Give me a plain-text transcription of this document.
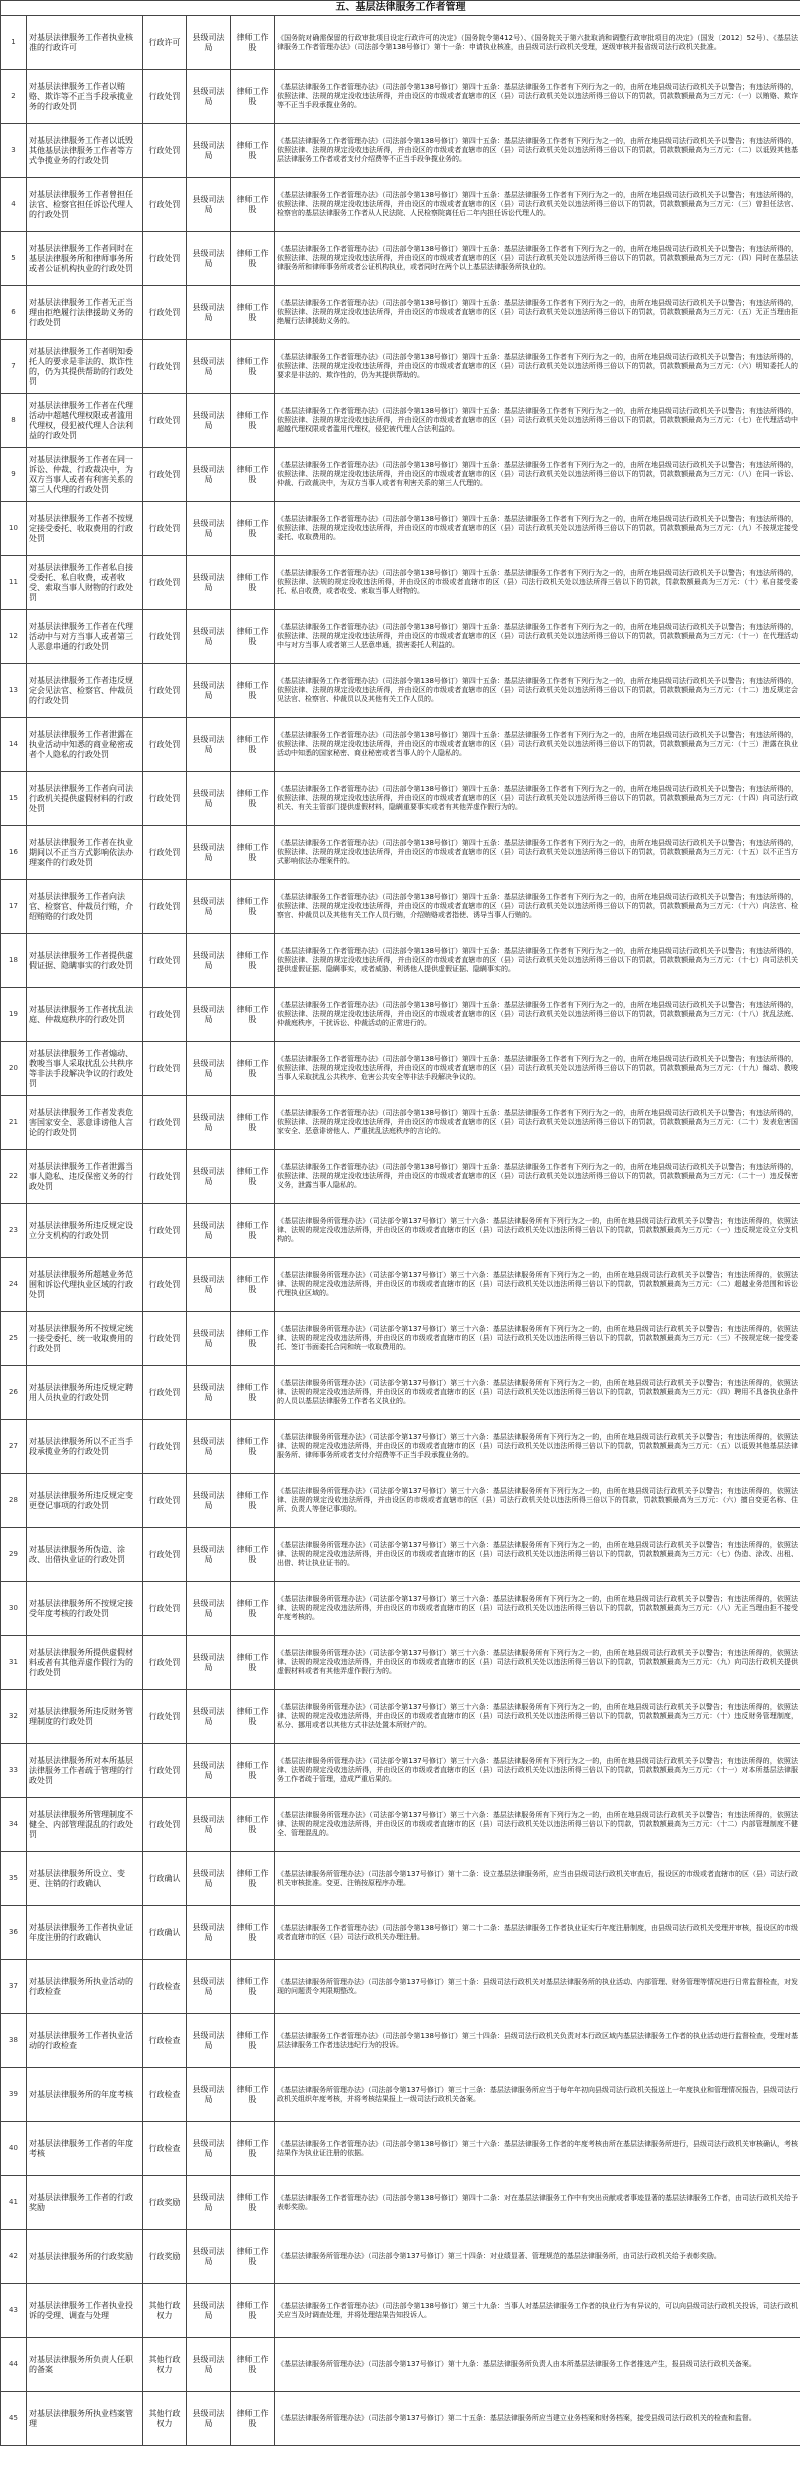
五、基层法律服务工作者管理					
1	对基层法律服务工作者执业核准的行政许可	行政许可	县级司法局	律师工作股	《国务院对确需保留的行政审批项目设定行政许可的决定》（国务院令第412号）、《国务院关于第六批取消和调整行政审批项目的决定》（国发〔2012〕52号）、《基层法律服务工作者管理办法》（司法部令第138号修订）第十一条：申请执业核准，由县级司法行政机关受理，逐级审核并报省级司法行政机关批准。
2	对基层法律服务工作者以贿赂、欺诈等不正当手段承揽业务的行政处罚	行政处罚	县级司法局	律师工作股	《基层法律服务工作者管理办法》（司法部令第138号修订）第四十五条：基层法律服务工作者有下列行为之一的，由所在地县级司法行政机关予以警告；有违法所得的，依照法律、法规的规定没收违法所得，并由设区的市级或者直辖市的区（县）司法行政机关处以违法所得三倍以下的罚款，罚款数额最高为三万元：（一）以贿赂、欺诈等不正当手段承揽业务的。
3	对基层法律服务工作者以诋毁其他基层法律服务工作者等方式争揽业务的行政处罚	行政处罚	县级司法局	律师工作股	《基层法律服务工作者管理办法》（司法部令第138号修订）第四十五条：基层法律服务工作者有下列行为之一的，由所在地县级司法行政机关予以警告；有违法所得的，依照法律、法规的规定没收违法所得，并由设区的市级或者直辖市的区（县）司法行政机关处以违法所得三倍以下的罚款，罚款数额最高为三万元：（二）以诋毁其他基层法律服务工作者或者支付介绍费等不正当手段争揽业务的。
4	对基层法律服务工作者曾担任法官、检察官担任诉讼代理人的行政处罚	行政处罚	县级司法局	律师工作股	《基层法律服务工作者管理办法》（司法部令第138号修订）第四十五条：基层法律服务工作者有下列行为之一的，由所在地县级司法行政机关予以警告；有违法所得的，依照法律、法规的规定没收违法所得，并由设区的市级或者直辖市的区（县）司法行政机关处以违法所得三倍以下的罚款，罚款数额最高为三万元：（三）曾担任法官、检察官的基层法律服务工作者从人民法院、人民检察院离任后二年内担任诉讼代理人的。
5	对基层法律服务工作者同时在基层法律服务所和律师事务所或者公证机构执业的行政处罚	行政处罚	县级司法局	律师工作股	《基层法律服务工作者管理办法》（司法部令第138号修订）第四十五条：基层法律服务工作者有下列行为之一的，由所在地县级司法行政机关予以警告；有违法所得的，依照法律、法规的规定没收违法所得，并由设区的市级或者直辖市的区（县）司法行政机关处以违法所得三倍以下的罚款，罚款数额最高为三万元：（四）同时在基层法律服务所和律师事务所或者公证机构执业，或者同时在两个以上基层法律服务所执业的。
6	对基层法律服务工作者无正当理由拒绝履行法律援助义务的行政处罚	行政处罚	县级司法局	律师工作股	《基层法律服务工作者管理办法》（司法部令第138号修订）第四十五条：基层法律服务工作者有下列行为之一的，由所在地县级司法行政机关予以警告；有违法所得的，依照法律、法规的规定没收违法所得，并由设区的市级或者直辖市的区（县）司法行政机关处以违法所得三倍以下的罚款，罚款数额最高为三万元：（五）无正当理由拒绝履行法律援助义务的。
7	对基层法律服务工作者明知委托人的要求是非法的、欺诈性的，仍为其提供帮助的行政处罚	行政处罚	县级司法局	律师工作股	《基层法律服务工作者管理办法》（司法部令第138号修订）第四十五条：基层法律服务工作者有下列行为之一的，由所在地县级司法行政机关予以警告；有违法所得的，依照法律、法规的规定没收违法所得，并由设区的市级或者直辖市的区（县）司法行政机关处以违法所得三倍以下的罚款，罚款数额最高为三万元：（六）明知委托人的要求是非法的、欺诈性的，仍为其提供帮助的。
8	对基层法律服务工作者在代理活动中超越代理权限或者滥用代理权，侵犯被代理人合法利益的行政处罚	行政处罚	县级司法局	律师工作股	《基层法律服务工作者管理办法》（司法部令第138号修订）第四十五条：基层法律服务工作者有下列行为之一的，由所在地县级司法行政机关予以警告；有违法所得的，依照法律、法规的规定没收违法所得，并由设区的市级或者直辖市的区（县）司法行政机关处以违法所得三倍以下的罚款，罚款数额最高为三万元：（七）在代理活动中超越代理权限或者滥用代理权，侵犯被代理人合法利益的。
9	对基层法律服务工作者在同一诉讼、仲裁、行政裁决中，为双方当事人或者有利害关系的第三人代理的行政处罚	行政处罚	县级司法局	律师工作股	《基层法律服务工作者管理办法》（司法部令第138号修订）第四十五条：基层法律服务工作者有下列行为之一的，由所在地县级司法行政机关予以警告；有违法所得的，依照法律、法规的规定没收违法所得，并由设区的市级或者直辖市的区（县）司法行政机关处以违法所得三倍以下的罚款，罚款数额最高为三万元：（八）在同一诉讼、仲裁、行政裁决中，为双方当事人或者有利害关系的第三人代理的。
10	对基层法律服务工作者不按规定接受委托、收取费用的行政处罚	行政处罚	县级司法局	律师工作股	《基层法律服务工作者管理办法》（司法部令第138号修订）第四十五条：基层法律服务工作者有下列行为之一的，由所在地县级司法行政机关予以警告；有违法所得的，依照法律、法规的规定没收违法所得，并由设区的市级或者直辖市的区（县）司法行政机关处以违法所得三倍以下的罚款，罚款数额最高为三万元：（九）不按规定接受委托、收取费用的。
11	对基层法律服务工作者私自接受委托、私自收费，或者收受、索取当事人财物的行政处罚	行政处罚	县级司法局	律师工作股	《基层法律服务工作者管理办法》（司法部令第138号修订）第四十五条：基层法律服务工作者有下列行为之一的，由所在地县级司法行政机关予以警告；有违法所得的，依照法律、法规的规定没收违法所得，并由设区的市级或者直辖市的区（县）司法行政机关处以违法所得三倍以下的罚款，罚款数额最高为三万元：（十）私自接受委托、私自收费，或者收受、索取当事人财物的。
12	对基层法律服务工作者在代理活动中与对方当事人或者第三人恶意串通的行政处罚	行政处罚	县级司法局	律师工作股	《基层法律服务工作者管理办法》（司法部令第138号修订）第四十五条：基层法律服务工作者有下列行为之一的，由所在地县级司法行政机关予以警告；有违法所得的，依照法律、法规的规定没收违法所得，并由设区的市级或者直辖市的区（县）司法行政机关处以违法所得三倍以下的罚款，罚款数额最高为三万元：（十一）在代理活动中与对方当事人或者第三人恶意串通，损害委托人利益的。
13	对基层法律服务工作者违反规定会见法官、检察官、仲裁员的行政处罚	行政处罚	县级司法局	律师工作股	《基层法律服务工作者管理办法》（司法部令第138号修订）第四十五条：基层法律服务工作者有下列行为之一的，由所在地县级司法行政机关予以警告；有违法所得的，依照法律、法规的规定没收违法所得，并由设区的市级或者直辖市的区（县）司法行政机关处以违法所得三倍以下的罚款，罚款数额最高为三万元：（十二）违反规定会见法官、检察官、仲裁员以及其他有关工作人员的。
14	对基层法律服务工作者泄露在执业活动中知悉的商业秘密或者个人隐私的行政处罚	行政处罚	县级司法局	律师工作股	《基层法律服务工作者管理办法》（司法部令第138号修订）第四十五条：基层法律服务工作者有下列行为之一的，由所在地县级司法行政机关予以警告；有违法所得的，依照法律、法规的规定没收违法所得，并由设区的市级或者直辖市的区（县）司法行政机关处以违法所得三倍以下的罚款，罚款数额最高为三万元：（十三）泄露在执业活动中知悉的国家秘密、商业秘密或者当事人的个人隐私的。
15	对基层法律服务工作者向司法行政机关提供虚假材料的行政处罚	行政处罚	县级司法局	律师工作股	《基层法律服务工作者管理办法》（司法部令第138号修订）第四十五条：基层法律服务工作者有下列行为之一的，由所在地县级司法行政机关予以警告；有违法所得的，依照法律、法规的规定没收违法所得，并由设区的市级或者直辖市的区（县）司法行政机关处以违法所得三倍以下的罚款，罚款数额最高为三万元：（十四）向司法行政机关、有关主管部门提供虚假材料，隐瞒重要事实或者有其他弄虚作假行为的。
16	对基层法律服务工作者在执业期间以不正当方式影响依法办理案件的行政处罚	行政处罚	县级司法局	律师工作股	《基层法律服务工作者管理办法》（司法部令第138号修订）第四十五条：基层法律服务工作者有下列行为之一的，由所在地县级司法行政机关予以警告；有违法所得的，依照法律、法规的规定没收违法所得，并由设区的市级或者直辖市的区（县）司法行政机关处以违法所得三倍以下的罚款，罚款数额最高为三万元：（十五）以不正当方式影响依法办理案件的。
17	对基层法律服务工作者向法官、检察官、仲裁员行贿，介绍贿赂的行政处罚	行政处罚	县级司法局	律师工作股	《基层法律服务工作者管理办法》（司法部令第138号修订）第四十五条：基层法律服务工作者有下列行为之一的，由所在地县级司法行政机关予以警告；有违法所得的，依照法律、法规的规定没收违法所得，并由设区的市级或者直辖市的区（县）司法行政机关处以违法所得三倍以下的罚款，罚款数额最高为三万元：（十六）向法官、检察官、仲裁员以及其他有关工作人员行贿，介绍贿赂或者指使、诱导当事人行贿的。
18	对基层法律服务工作者提供虚假证据、隐瞒事实的行政处罚	行政处罚	县级司法局	律师工作股	《基层法律服务工作者管理办法》（司法部令第138号修订）第四十五条：基层法律服务工作者有下列行为之一的，由所在地县级司法行政机关予以警告；有违法所得的，依照法律、法规的规定没收违法所得，并由设区的市级或者直辖市的区（县）司法行政机关处以违法所得三倍以下的罚款，罚款数额最高为三万元：（十七）向司法机关提供虚假证据、隐瞒事实，或者威胁、利诱他人提供虚假证据、隐瞒事实的。
19	对基层法律服务工作者扰乱法庭、仲裁庭秩序的行政处罚	行政处罚	县级司法局	律师工作股	《基层法律服务工作者管理办法》（司法部令第138号修订）第四十五条：基层法律服务工作者有下列行为之一的，由所在地县级司法行政机关予以警告；有违法所得的，依照法律、法规的规定没收违法所得，并由设区的市级或者直辖市的区（县）司法行政机关处以违法所得三倍以下的罚款，罚款数额最高为三万元：（十八）扰乱法庭、仲裁庭秩序，干扰诉讼、仲裁活动的正常进行的。
20	对基层法律服务工作者煽动、教唆当事人采取扰乱公共秩序等非法手段解决争议的行政处罚	行政处罚	县级司法局	律师工作股	《基层法律服务工作者管理办法》（司法部令第138号修订）第四十五条：基层法律服务工作者有下列行为之一的，由所在地县级司法行政机关予以警告；有违法所得的，依照法律、法规的规定没收违法所得，并由设区的市级或者直辖市的区（县）司法行政机关处以违法所得三倍以下的罚款，罚款数额最高为三万元：（十九）煽动、教唆当事人采取扰乱公共秩序、危害公共安全等非法手段解决争议的。
21	对基层法律服务工作者发表危害国家安全、恶意诽谤他人言论的行政处罚	行政处罚	县级司法局	律师工作股	《基层法律服务工作者管理办法》（司法部令第138号修订）第四十五条：基层法律服务工作者有下列行为之一的，由所在地县级司法行政机关予以警告；有违法所得的，依照法律、法规的规定没收违法所得，并由设区的市级或者直辖市的区（县）司法行政机关处以违法所得三倍以下的罚款，罚款数额最高为三万元：（二十）发表危害国家安全、恶意诽谤他人、严重扰乱法庭秩序的言论的。
22	对基层法律服务工作者泄露当事人隐私、违反保密义务的行政处罚	行政处罚	县级司法局	律师工作股	《基层法律服务工作者管理办法》（司法部令第138号修订）第四十五条：基层法律服务工作者有下列行为之一的，由所在地县级司法行政机关予以警告；有违法所得的，依照法律、法规的规定没收违法所得，并由设区的市级或者直辖市的区（县）司法行政机关处以违法所得三倍以下的罚款，罚款数额最高为三万元：（二十一）违反保密义务，泄露当事人隐私的。
23	对基层法律服务所违反规定设立分支机构的行政处罚	行政处罚	县级司法局	律师工作股	《基层法律服务所管理办法》（司法部令第137号修订）第三十六条：基层法律服务所有下列行为之一的，由所在地县级司法行政机关予以警告；有违法所得的，依照法律、法规的规定没收违法所得，并由设区的市级或者直辖市的区（县）司法行政机关处以违法所得三倍以下的罚款，罚款数额最高为三万元：（一）违反规定设立分支机构的。
24	对基层法律服务所超越业务范围和诉讼代理执业区域的行政处罚	行政处罚	县级司法局	律师工作股	《基层法律服务所管理办法》（司法部令第137号修订）第三十六条：基层法律服务所有下列行为之一的，由所在地县级司法行政机关予以警告；有违法所得的，依照法律、法规的规定没收违法所得，并由设区的市级或者直辖市的区（县）司法行政机关处以违法所得三倍以下的罚款，罚款数额最高为三万元：（二）超越业务范围和诉讼代理执业区域的。
25	对基层法律服务所不按规定统一接受委托、统一收取费用的行政处罚	行政处罚	县级司法局	律师工作股	《基层法律服务所管理办法》（司法部令第137号修订）第三十六条：基层法律服务所有下列行为之一的，由所在地县级司法行政机关予以警告；有违法所得的，依照法律、法规的规定没收违法所得，并由设区的市级或者直辖市的区（县）司法行政机关处以违法所得三倍以下的罚款，罚款数额最高为三万元：（三）不按规定统一接受委托、签订书面委托合同和统一收取费用的。
26	对基层法律服务所违反规定聘用人员执业的行政处罚	行政处罚	县级司法局	律师工作股	《基层法律服务所管理办法》（司法部令第137号修订）第三十六条：基层法律服务所有下列行为之一的，由所在地县级司法行政机关予以警告；有违法所得的，依照法律、法规的规定没收违法所得，并由设区的市级或者直辖市的区（县）司法行政机关处以违法所得三倍以下的罚款，罚款数额最高为三万元：（四）聘用不具备执业条件的人员以基层法律服务工作者名义执业的。
27	对基层法律服务所以不正当手段承揽业务的行政处罚	行政处罚	县级司法局	律师工作股	《基层法律服务所管理办法》（司法部令第137号修订）第三十六条：基层法律服务所有下列行为之一的，由所在地县级司法行政机关予以警告；有违法所得的，依照法律、法规的规定没收违法所得，并由设区的市级或者直辖市的区（县）司法行政机关处以违法所得三倍以下的罚款，罚款数额最高为三万元：（五）以诋毁其他基层法律服务所、律师事务所或者支付介绍费等不正当手段承揽业务的。
28	对基层法律服务所违反规定变更登记事项的行政处罚	行政处罚	县级司法局	律师工作股	《基层法律服务所管理办法》（司法部令第137号修订）第三十六条：基层法律服务所有下列行为之一的，由所在地县级司法行政机关予以警告；有违法所得的，依照法律、法规的规定没收违法所得，并由设区的市级或者直辖市的区（县）司法行政机关处以违法所得三倍以下的罚款，罚款数额最高为三万元：（六）擅自变更名称、住所、负责人等登记事项的。
29	对基层法律服务所伪造、涂改、出借执业证的行政处罚	行政处罚	县级司法局	律师工作股	《基层法律服务所管理办法》（司法部令第137号修订）第三十六条：基层法律服务所有下列行为之一的，由所在地县级司法行政机关予以警告；有违法所得的，依照法律、法规的规定没收违法所得，并由设区的市级或者直辖市的区（县）司法行政机关处以违法所得三倍以下的罚款，罚款数额最高为三万元：（七）伪造、涂改、出租、出借、转让执业证书的。
30	对基层法律服务所不按规定接受年度考核的行政处罚	行政处罚	县级司法局	律师工作股	《基层法律服务所管理办法》（司法部令第137号修订）第三十六条：基层法律服务所有下列行为之一的，由所在地县级司法行政机关予以警告；有违法所得的，依照法律、法规的规定没收违法所得，并由设区的市级或者直辖市的区（县）司法行政机关处以违法所得三倍以下的罚款，罚款数额最高为三万元：（八）无正当理由拒不接受年度考核的。
31	对基层法律服务所提供虚假材料或者有其他弄虚作假行为的行政处罚	行政处罚	县级司法局	律师工作股	《基层法律服务所管理办法》（司法部令第137号修订）第三十六条：基层法律服务所有下列行为之一的，由所在地县级司法行政机关予以警告；有违法所得的，依照法律、法规的规定没收违法所得，并由设区的市级或者直辖市的区（县）司法行政机关处以违法所得三倍以下的罚款，罚款数额最高为三万元：（九）向司法行政机关提供虚假材料或者有其他弄虚作假行为的。
32	对基层法律服务所违反财务管理制度的行政处罚	行政处罚	县级司法局	律师工作股	《基层法律服务所管理办法》（司法部令第137号修订）第三十六条：基层法律服务所有下列行为之一的，由所在地县级司法行政机关予以警告；有违法所得的，依照法律、法规的规定没收违法所得，并由设区的市级或者直辖市的区（县）司法行政机关处以违法所得三倍以下的罚款，罚款数额最高为三万元：（十）违反财务管理制度，私分、挪用或者以其他方式非法处置本所财产的。
33	对基层法律服务所对本所基层法律服务工作者疏于管理的行政处罚	行政处罚	县级司法局	律师工作股	《基层法律服务所管理办法》（司法部令第137号修订）第三十六条：基层法律服务所有下列行为之一的，由所在地县级司法行政机关予以警告；有违法所得的，依照法律、法规的规定没收违法所得，并由设区的市级或者直辖市的区（县）司法行政机关处以违法所得三倍以下的罚款，罚款数额最高为三万元：（十一）对本所基层法律服务工作者疏于管理，造成严重后果的。
34	对基层法律服务所管理制度不健全、内部管理混乱的行政处罚	行政处罚	县级司法局	律师工作股	《基层法律服务所管理办法》（司法部令第137号修订）第三十六条：基层法律服务所有下列行为之一的，由所在地县级司法行政机关予以警告；有违法所得的，依照法律、法规的规定没收违法所得，并由设区的市级或者直辖市的区（县）司法行政机关处以违法所得三倍以下的罚款，罚款数额最高为三万元：（十二）内部管理制度不健全、管理混乱的。
35	对基层法律服务所设立、变更、注销的行政确认	行政确认	县级司法局	律师工作股	《基层法律服务所管理办法》（司法部令第137号修订）第十二条：设立基层法律服务所，应当由县级司法行政机关审查后，报设区的市级或者直辖市的区（县）司法行政机关审核批准。变更、注销按原程序办理。
36	对基层法律服务工作者执业证年度注册的行政确认	行政确认	县级司法局	律师工作股	《基层法律服务工作者管理办法》（司法部令第138号修订）第二十二条：基层法律服务工作者执业证实行年度注册制度，由县级司法行政机关受理并审核，报设区的市级或者直辖市的区（县）司法行政机关办理注册。
37	对基层法律服务所执业活动的行政检查	行政检查	县级司法局	律师工作股	《基层法律服务所管理办法》（司法部令第137号修订）第三十条：县级司法行政机关对基层法律服务所的执业活动、内部管理、财务管理等情况进行日常监督检查，对发现的问题责令其限期整改。
38	对基层法律服务工作者执业活动的行政检查	行政检查	县级司法局	律师工作股	《基层法律服务工作者管理办法》（司法部令第138号修订）第三十四条：县级司法行政机关负责对本行政区域内基层法律服务工作者的执业活动进行监督检查，受理对基层法律服务工作者违法违纪行为的投诉。
39	对基层法律服务所的年度考核	行政检查	县级司法局	律师工作股	《基层法律服务所管理办法》（司法部令第137号修订）第三十三条：基层法律服务所应当于每年年初向县级司法行政机关报送上一年度执业和管理情况报告，县级司法行政机关组织年度考核，并将考核结果报上一级司法行政机关备案。
40	对基层法律服务工作者的年度考核	行政检查	县级司法局	律师工作股	《基层法律服务工作者管理办法》（司法部令第138号修订）第三十六条：基层法律服务工作者的年度考核由所在基层法律服务所进行，县级司法行政机关审核确认，考核结果作为执业证注册的依据。
41	对基层法律服务工作者的行政奖励	行政奖励	县级司法局	律师工作股	《基层法律服务工作者管理办法》（司法部令第138号修订）第四十二条：对在基层法律服务工作中有突出贡献或者事迹显著的基层法律服务工作者，由司法行政机关给予表彰奖励。
42	对基层法律服务所的行政奖励	行政奖励	县级司法局	律师工作股	《基层法律服务所管理办法》（司法部令第137号修订）第三十四条：对业绩显著、管理规范的基层法律服务所，由司法行政机关给予表彰奖励。
43	对基层法律服务工作者执业投诉的受理、调查与处理	其他行政权力	县级司法局	律师工作股	《基层法律服务工作者管理办法》（司法部令第138号修订）第三十九条：当事人对基层法律服务工作者的执业行为有异议的，可以向县级司法行政机关投诉，司法行政机关应当及时调查处理，并将处理结果告知投诉人。
44	对基层法律服务所负责人任职的备案	其他行政权力	县级司法局	律师工作股	《基层法律服务所管理办法》（司法部令第137号修订）第十九条：基层法律服务所负责人由本所基层法律服务工作者推选产生，报县级司法行政机关备案。
45	对基层法律服务所执业档案管理	其他行政权力	县级司法局	律师工作股	《基层法律服务所管理办法》（司法部令第137号修订）第二十五条：基层法律服务所应当建立业务档案和财务档案，接受县级司法行政机关的检查和监督。
